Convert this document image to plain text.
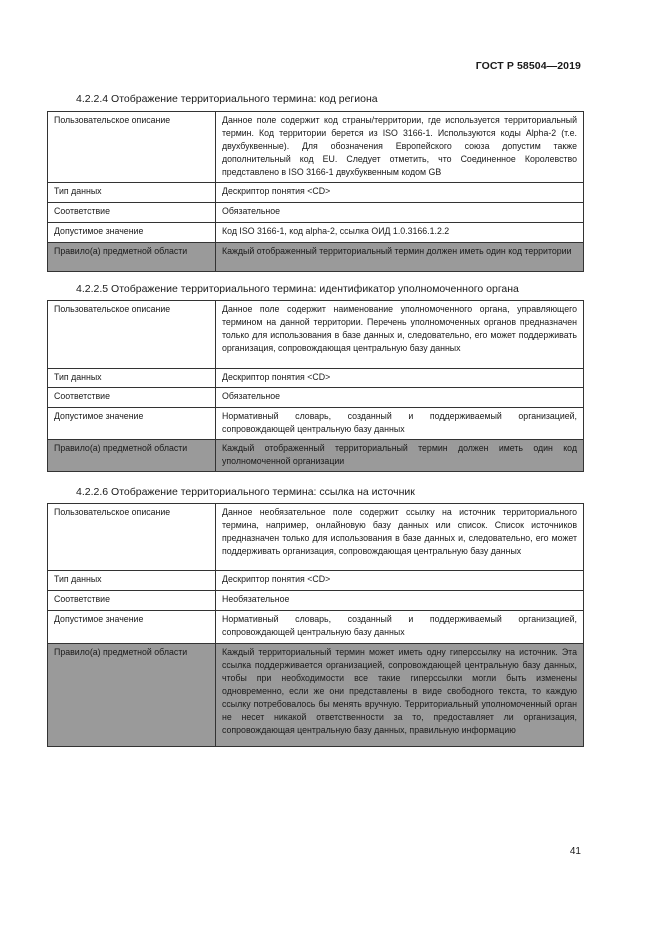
ГОСТ Р 58504—2019
4.2.2.4 Отображение территориального термина: код региона
Пользовательское описание	Данное поле содержит код страны/территории, где используется территориальный термин. Код территории берется из ISO 3166-1. Используются коды Alpha-2 (т.е. двухбуквенные). Для обозначения Европейского союза допустим также дополнительный код EU. Следует отметить, что Соединенное Королевство представлено в ISO 3166-1 двухбуквенным кодом GB
Тип данных	Дескриптор понятия <CD>
Соответствие	Обязательное
Допустимое значение	Код ISO 3166-1, код alpha-2, ссылка ОИД 1.0.3166.1.2.2
Правило(а) предметной области	Каждый отображенный территориальный термин должен иметь один код территории
4.2.2.5 Отображение территориального термина: идентификатор уполномоченного органа
Пользовательское описание	Данное поле содержит наименование уполномоченного органа, управляющего термином на данной территории. Перечень уполномоченных органов предназначен только для использования в базе данных и, следовательно, его может поддерживать организация, сопровождающая центральную базу данных
Тип данных	Дескриптор понятия <CD>
Соответствие	Обязательное
Допустимое значение	Нормативный словарь, созданный и поддерживаемый организацией, сопровождающей центральную базу данных
Правило(а) предметной области	Каждый отображенный территориальный термин должен иметь один код уполномоченной организации
4.2.2.6 Отображение территориального термина: ссылка на источник
Пользовательское описание	Данное необязательное поле содержит ссылку на источник территориального термина, например, онлайновую базу данных или список. Список источников предназначен только для использования в базе данных и, следовательно, его может поддерживать организация, сопровождающая центральную базу данных
Тип данных	Дескриптор понятия <CD>
Соответствие	Необязательное
Допустимое значение	Нормативный словарь, созданный и поддерживаемый организацией, сопровождающей центральную базу данных
Правило(а) предметной области	Каждый территориальный термин может иметь одну гиперссылку на источник. Эта ссылка поддерживается организацией, сопровождающей центральную базу данных, чтобы при необходимости все такие гиперссылки могли быть изменены одновременно, если же они представлены в виде свободного текста, то каждую ссылку потребовалось бы менять вручную. Территориальный уполномоченный орган не несет никакой ответственности за то, предоставляет ли организация, сопровождающая центральную базу данных, правильную информацию
41
